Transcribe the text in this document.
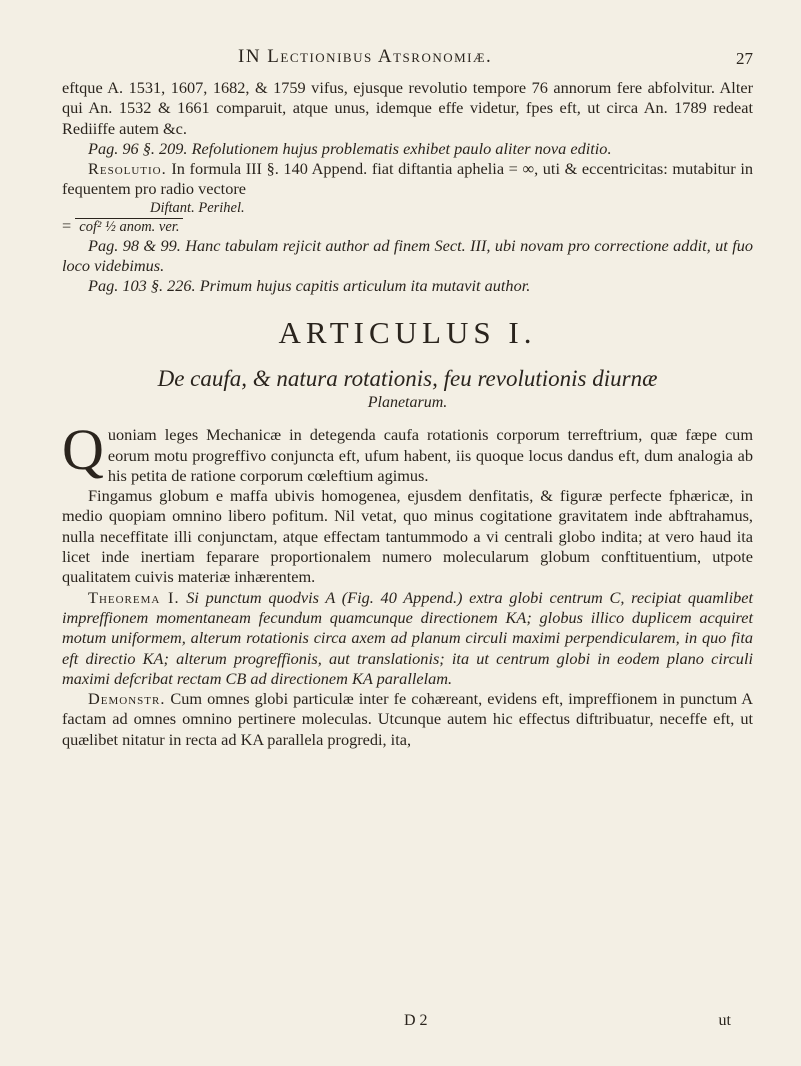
IN Lectionibus Atsronomiæ.	27

eftque A. 1531, 1607, 1682, & 1759 vifus, ejusque revolutio tempore 76 annorum fere abfolvitur. Alter qui An. 1532 & 1661 comparuit, atque unus, idemque effe videtur, fpes eft, ut circa An. 1789 redeat Rediiffe autem &c.

Pag. 96 §. 209. Refolutionem hujus problematis exhibet paulo aliter nova editio.

Resolutio. In formula III §. 140 Append. fiat diftantia aphelia = ∞, uti & eccentricitas: mutabitur in fequentem pro radio vectore

Diftant. Perihel.
= cof² ½ anom. ver.

Pag. 98 & 99. Hanc tabulam rejicit author ad finem Sect. III, ubi novam pro correctione addit, ut fuo loco videbimus.

Pag. 103 §. 226. Primum hujus capitis articulum ita mutavit author.

ARTICULUS I.

De caufa, & natura rotationis, feu revolutionis diurnæ

Planetarum.

Q uoniam leges Mechanicæ in detegenda caufa rotationis corporum terreftrium, quæ fæpe cum eorum motu progreffivo conjuncta eft, ufum habent, iis quoque locus dandus eft, dum analogia ab his petita de ratione corporum cœleftium agimus.

Fingamus globum e maffa ubivis homogenea, ejusdem denfitatis, & figuræ perfecte fphæricæ, in medio quopiam omnino libero pofitum. Nil vetat, quo minus cogitatione gravitatem inde abftrahamus, nulla neceffitate illi conjunctam, atque effectam tantummodo a vi centrali globo indita; at vero haud ita licet inde inertiam feparare proportionalem numero molecularum globum conftituentium, utpote qualitatem cuivis materiæ inhærentem.

Theorema I. Si punctum quodvis A (Fig. 40 Append.) extra globi centrum C, recipiat quamlibet impreffionem momentaneam fecundum quamcunque directionem KA; globus illico duplicem acquiret motum uniformem, alterum rotationis circa axem ad planum circuli maximi perpendicularem, in quo fita eft directio KA; alterum progreffionis, aut translationis; ita ut centrum globi in eodem plano circuli maximi defcribat rectam CB ad directionem KA parallelam.

Demonstr. Cum omnes globi particulæ inter fe cohæreant, evidens eft, impreffionem in punctum A factam ad omnes omnino pertinere moleculas. Utcunque autem hic effectus diftribuatur, neceffe eft, ut quælibet nitatur in recta ad KA parallela progredi, ita,

D 2	ut
